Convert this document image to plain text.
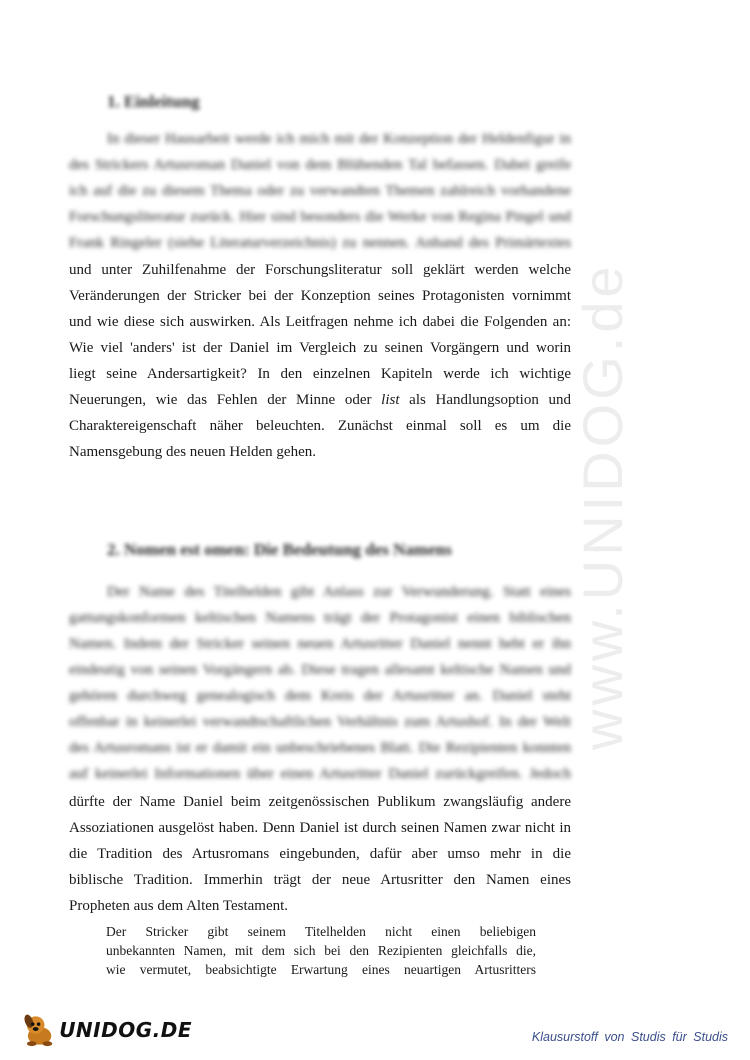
1. Einleitung
In dieser Hausarbeit werde ich mich mit der Konzeption der Heldenfigur in
des Strickers Artusroman Daniel von dem Blühenden Tal befassen. Dabei greife
ich auf die zu diesem Thema oder zu verwandten Themen zahlreich vorhandene
Forschungsliteratur zurück. Hier sind besonders die Werke von Regina Pingel und
Frank Ringeler (siehe Literaturverzeichnis) zu nennen. Anhand des Primärtextes
und unter Zuhilfenahme der Forschungsliteratur soll geklärt werden welche
Veränderungen der Stricker bei der Konzeption seines Protagonisten vornimmt
und wie diese sich auswirken. Als Leitfragen nehme ich dabei die Folgenden an:
Wie viel 'anders' ist der Daniel im Vergleich zu seinen Vorgängern und worin
liegt seine Andersartigkeit? In den einzelnen Kapiteln werde ich wichtige
Neuerungen, wie das Fehlen der Minne oder list als Handlungsoption und
Charaktereigenschaft näher beleuchten. Zunächst einmal soll es um die
Namensgebung des neuen Helden gehen.
2. Nomen est omen: Die Bedeutung des Namens
Der Name des Titelhelden gibt Anlass zur Verwunderung. Statt eines
gattungskonformen keltischen Namens trägt der Protagonist einen biblischen
Namen. Indem der Stricker seinen neuen Artusritter Daniel nennt hebt er ihn
eindeutig von seinen Vorgängern ab. Diese tragen allesamt keltische Namen und
gehören durchweg genealogisch dem Kreis der Artusritter an. Daniel steht
offenbar in keinerlei verwandtschaftlichen Verhältnis zum Artushof. In der Welt
des Artusromans ist er damit ein unbeschriebenes Blatt. Die Rezipienten konnten
auf keinerlei Informationen über einen Artusritter Daniel zurückgreifen. Jedoch
dürfte der Name Daniel beim zeitgenössischen Publikum zwangsläufig andere
Assoziationen ausgelöst haben. Denn Daniel ist durch seinen Namen zwar nicht in
die Tradition des Artusromans eingebunden, dafür aber umso mehr in die
biblische Tradition. Immerhin trägt der neue Artusritter den Namen eines
Propheten aus dem Alten Testament.
Der Stricker gibt seinem Titelhelden nicht einen beliebigen
unbekannten Namen, mit dem sich bei den Rezipienten gleichfalls die,
wie vermutet, beabsichtigte Erwartung eines neuartigen Artusritters
www.UNIDOG.de
UNIDOG.DE	Klausurstoff von Studis für Studis
